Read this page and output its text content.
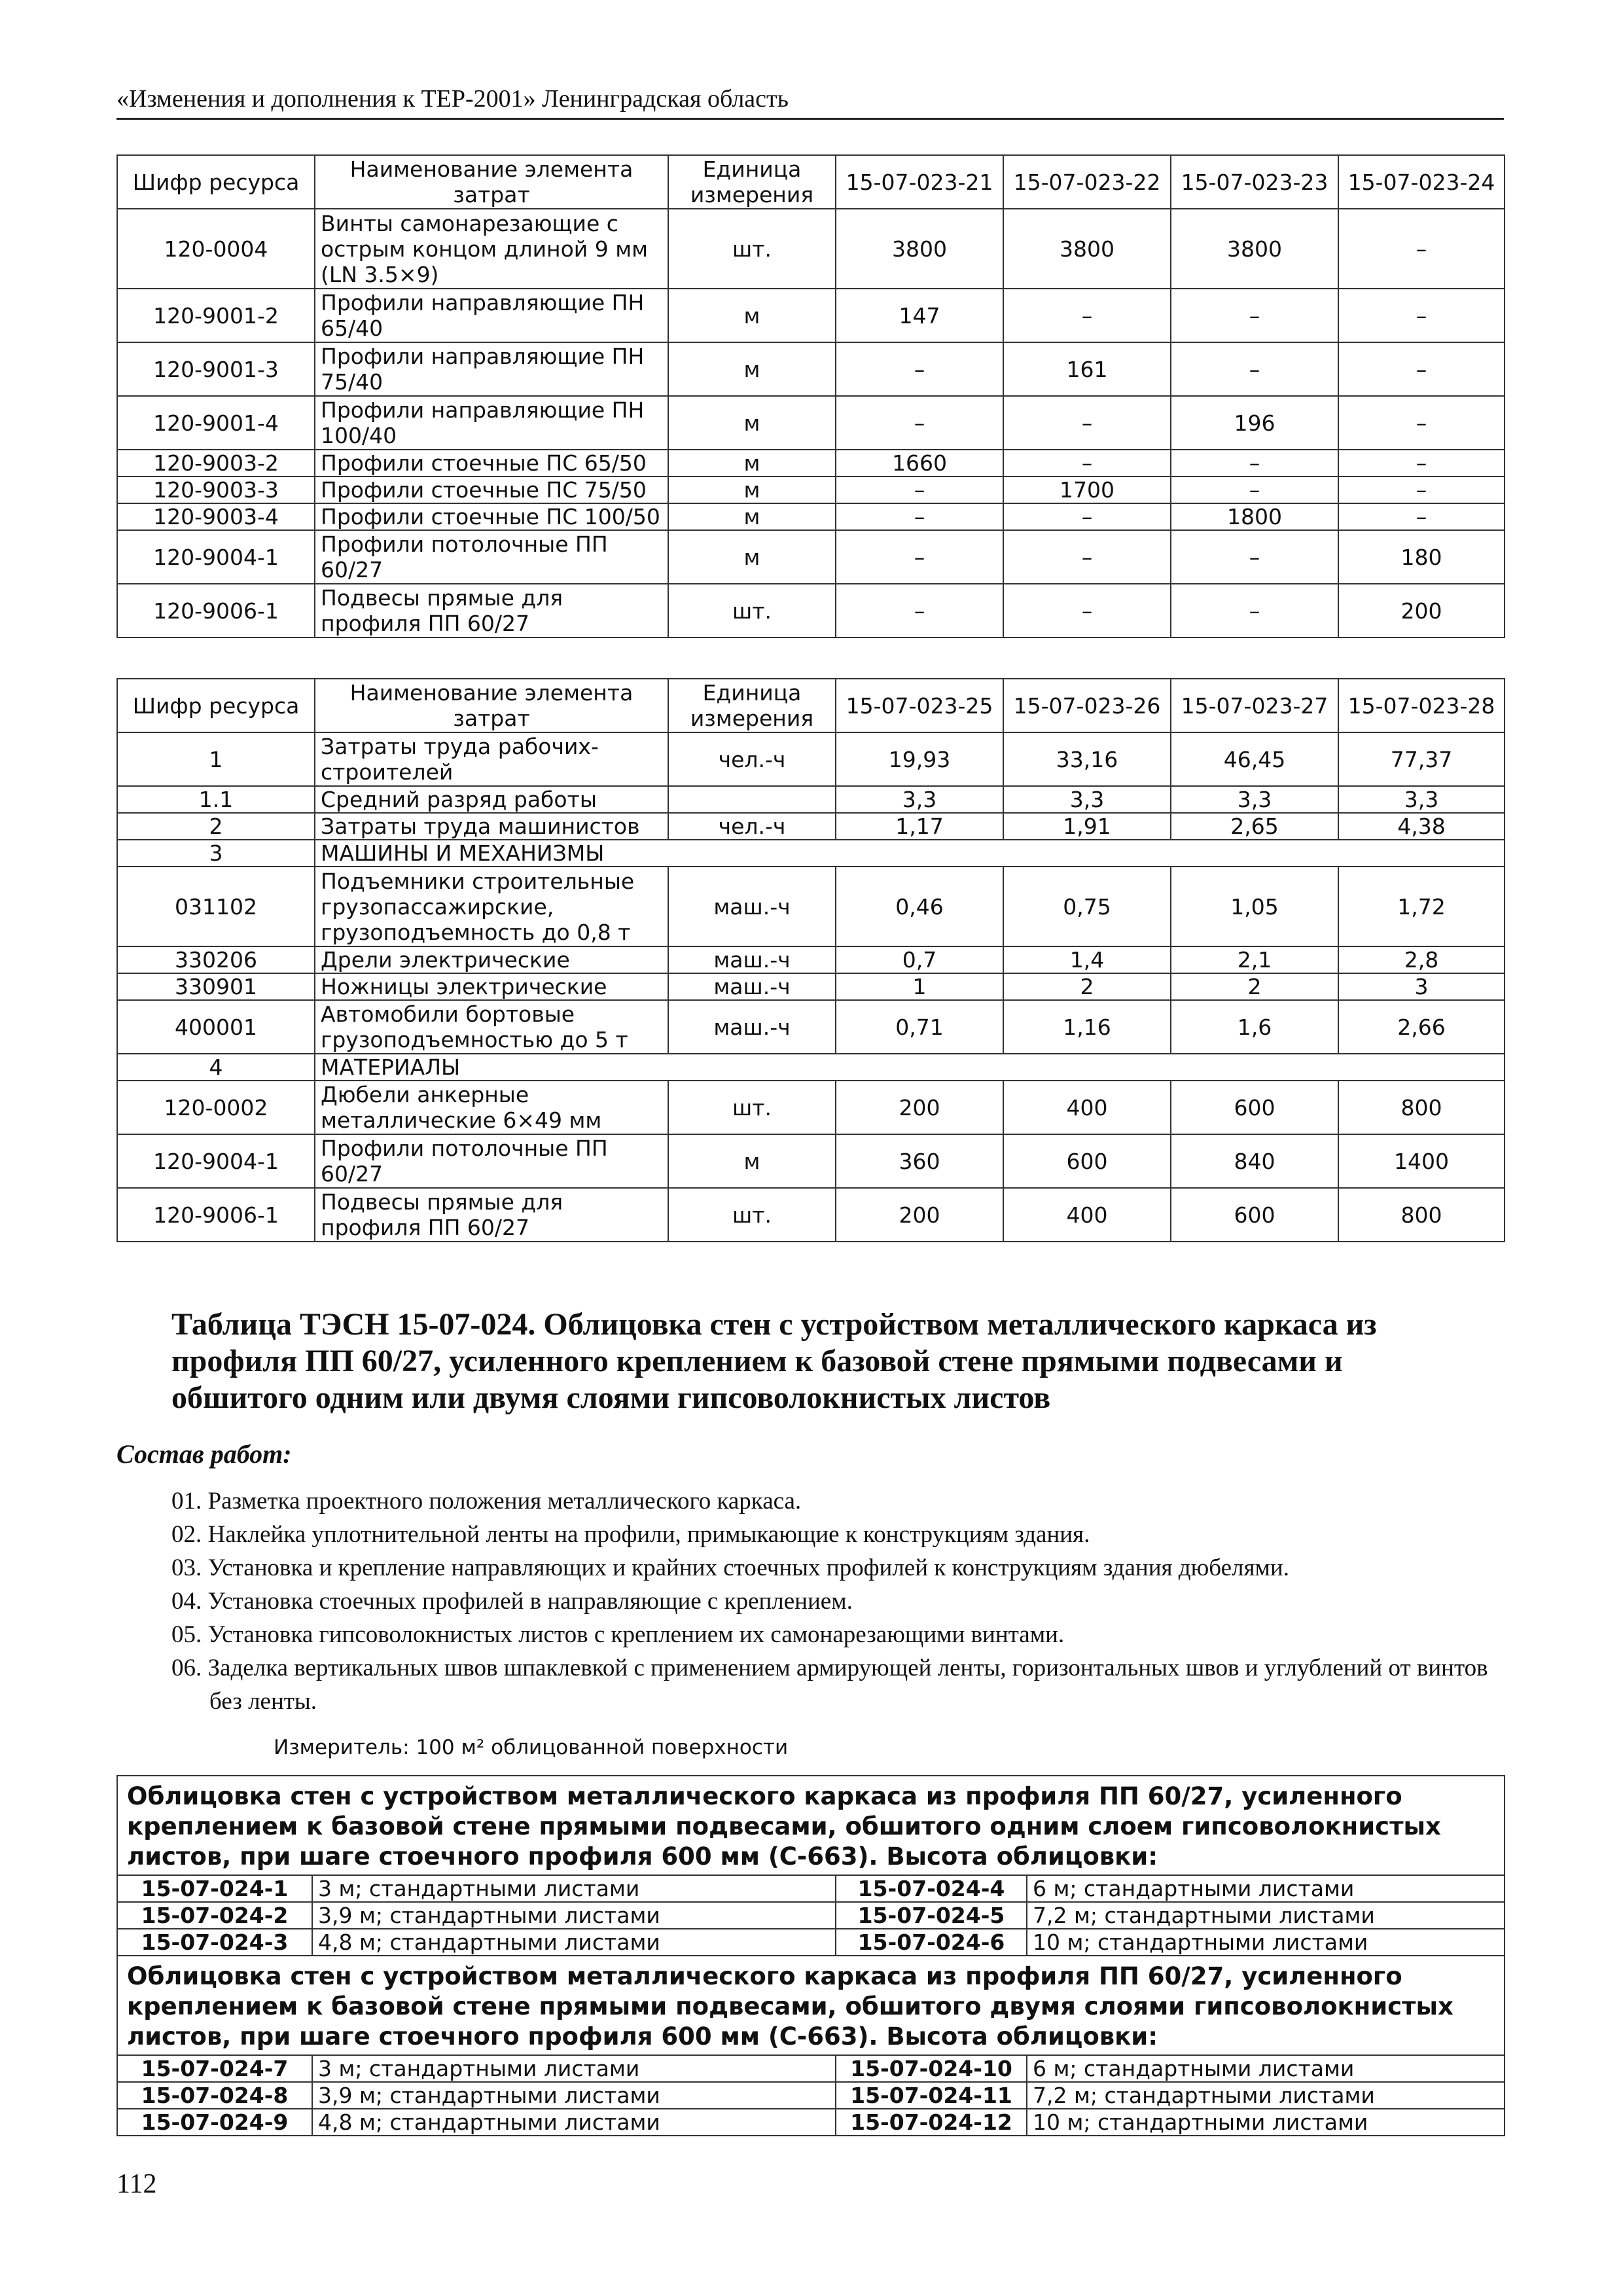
«Изменения и дополнения к ТЕР-2001» Ленинградская область
Шифр ресурса	Наименование элемента затрат	Единица измерения	15-07-023-21	15-07-023-22	15-07-023-23	15-07-023-24
120-0004	Винты самонарезающие с острым концом длиной 9 мм (LN 3.5×9)	шт.	3800	3800	3800	–
120-9001-2	Профили направляющие ПН 65/40	м	147	–	–	–
120-9001-3	Профили направляющие ПН 75/40	м	–	161	–	–
120-9001-4	Профили направляющие ПН 100/40	м	–	–	196	–
120-9003-2	Профили стоечные ПС 65/50	м	1660	–	–	–
120-9003-3	Профили стоечные ПС 75/50	м	–	1700	–	–
120-9003-4	Профили стоечные ПС 100/50	м	–	–	1800	–
120-9004-1	Профили потолочные ПП 60/27	м	–	–	–	180
120-9006-1	Подвесы прямые для профиля ПП 60/27	шт.	–	–	–	200
Шифр ресурса	Наименование элемента затрат	Единица измерения	15-07-023-25	15-07-023-26	15-07-023-27	15-07-023-28
1	Затраты труда рабочих-строителей	чел.-ч	19,93	33,16	46,45	77,37
1.1	Средний разряд работы		3,3	3,3	3,3	3,3
2	Затраты труда машинистов	чел.-ч	1,17	1,91	2,65	4,38
3	МАШИНЫ И МЕХАНИЗМЫ					
031102	Подъемники строительные грузопассажирские, грузоподъемность до 0,8 т	маш.-ч	0,46	0,75	1,05	1,72
330206	Дрели электрические	маш.-ч	0,7	1,4	2,1	2,8
330901	Ножницы электрические	маш.-ч	1	2	2	3
400001	Автомобили бортовые грузоподъемностью до 5 т	маш.-ч	0,71	1,16	1,6	2,66
4	МАТЕРИАЛЫ					
120-0002	Дюбели анкерные металлические 6×49 мм	шт.	200	400	600	800
120-9004-1	Профили потолочные ПП 60/27	м	360	600	840	1400
120-9006-1	Подвесы прямые для профиля ПП 60/27	шт.	200	400	600	800
Таблица ТЭСН 15-07-024. Облицовка стен с устройством металлического каркаса из профиля ПП 60/27, усиленного креплением к базовой стене прямыми подвесами и обшитого одним или двумя слоями гипсоволокнистых листов
Состав работ:
01. Разметка проектного положения металлического каркаса.
02. Наклейка уплотнительной ленты на профили, примыкающие к конструкциям здания.
03. Установка и крепление направляющих и крайних стоечных профилей к конструкциям здания дюбелями.
04. Установка стоечных профилей в направляющие с креплением.
05. Установка гипсоволокнистых листов с креплением их самонарезающими винтами.
06. Заделка вертикальных швов шпаклевкой с применением армирующей ленты, горизонтальных швов и углублений от винтов без ленты.
Измеритель: 100 м² облицованной поверхности
Облицовка стен с устройством металлического каркаса из профиля ПП 60/27, усиленного креплением к базовой стене прямыми подвесами, обшитого одним слоем гипсоволокнистых листов, при шаге стоечного профиля 600 мм (С-663). Высота облицовки:			
15-07-024-1	3 м; стандартными листами	15-07-024-4	6 м; стандартными листами
15-07-024-2	3,9 м; стандартными листами	15-07-024-5	7,2 м; стандартными листами
15-07-024-3	4,8 м; стандартными листами	15-07-024-6	10 м; стандартными листами
Облицовка стен с устройством металлического каркаса из профиля ПП 60/27, усиленного креплением к базовой стене прямыми подвесами, обшитого двумя слоями гипсоволокнистых листов, при шаге стоечного профиля 600 мм (С-663). Высота облицовки:			
15-07-024-7	3 м; стандартными листами	15-07-024-10	6 м; стандартными листами
15-07-024-8	3,9 м; стандартными листами	15-07-024-11	7,2 м; стандартными листами
15-07-024-9	4,8 м; стандартными листами	15-07-024-12	10 м; стандартными листами
112
